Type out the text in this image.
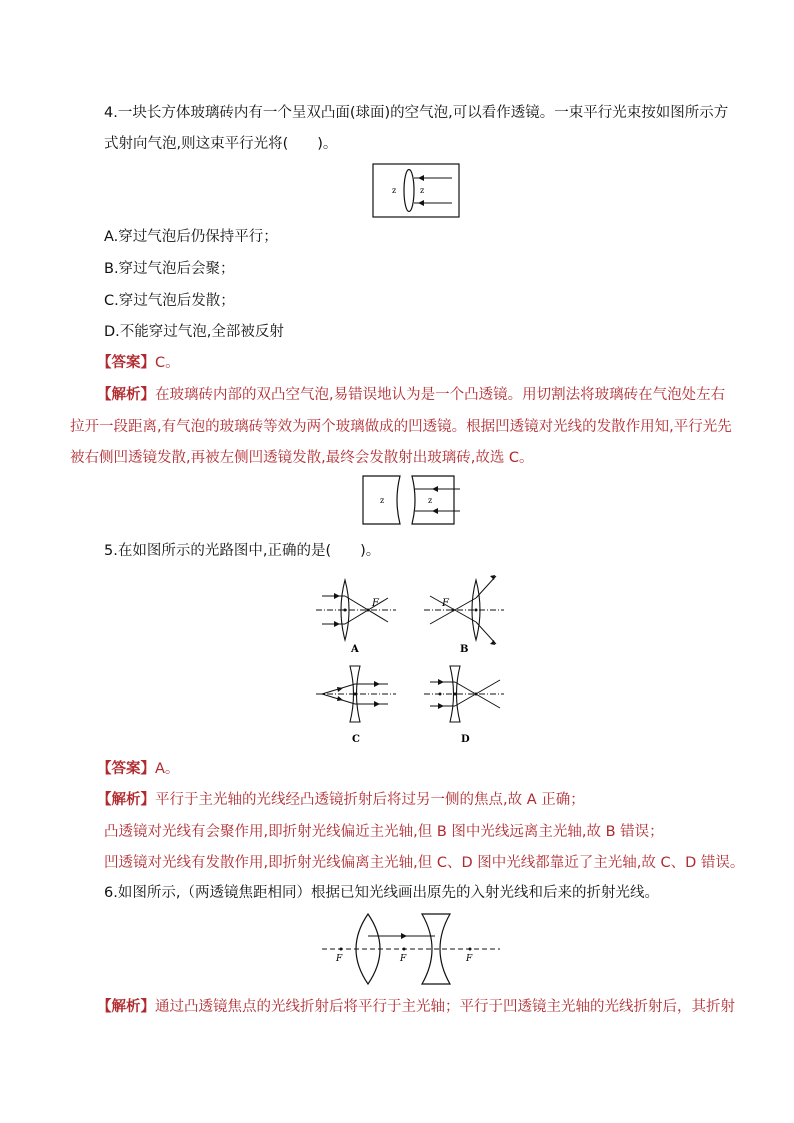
4.一块长方体玻璃砖内有一个呈双凸面(球面)的空气泡,可以看作透镜。一束平行光束按如图所示方
式射向气泡,则这束平行光将(　　)。
z	z
A.穿过气泡后仍保持平行；
B.穿过气泡后会聚；
C.穿过气泡后发散；
D.不能穿过气泡,全部被反射
【答案】C。
【解析】在玻璃砖内部的双凸空气泡,易错误地认为是一个凸透镜。用切割法将玻璃砖在气泡处左右
拉开一段距离,有气泡的玻璃砖等效为两个玻璃做成的凹透镜。根据凹透镜对光线的发散作用知,平行光先
被右侧凹透镜发散,再被左侧凹透镜发散,最终会发散射出玻璃砖,故选 C。
z	z
5.在如图所示的光路图中,正确的是(　　)。
F
A
F
B
C	D
【答案】A。
【解析】平行于主光轴的光线经凸透镜折射后将过另一侧的焦点,故 A 正确；
凸透镜对光线有会聚作用,即折射光线偏近主光轴,但 B 图中光线远离主光轴,故 B 错误；
凹透镜对光线有发散作用,即折射光线偏离主光轴,但 C、D 图中光线都靠近了主光轴,故 C、D 错误。
6.如图所示,（两透镜焦距相同）根据已知光线画出原先的入射光线和后来的折射光线。
F	F	F
【解析】通过凸透镜焦点的光线折射后将平行于主光轴；平行于凹透镜主光轴的光线折射后，其折射
